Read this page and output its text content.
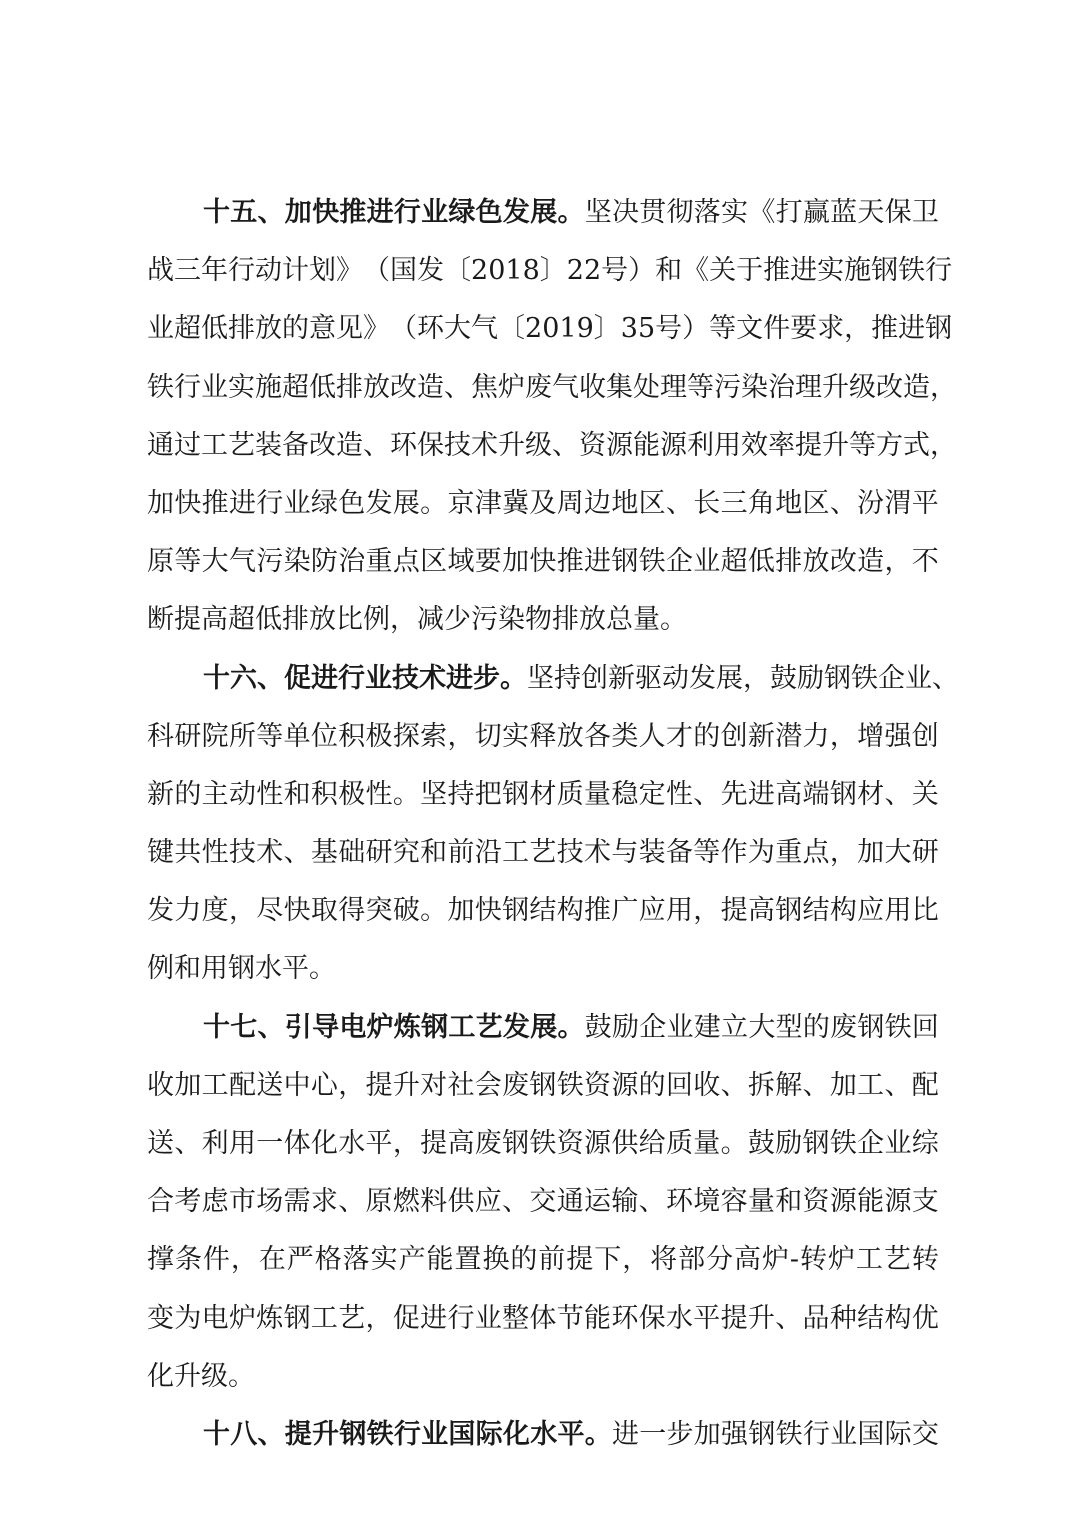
十 五 、 加 快 推 进 行 业 绿 色 发 展 。 坚 决 贯 彻 落 实 《 打 赢 蓝 天 保 卫
战 三 年 行 动 计 划 》 （ 国 发 〔 2 0 1 8 〕 2 2 号 ） 和 《 关 于 推 进 实 施 钢 铁 行
业 超 低 排 放 的 意 见 》 （ 环 大 气 〔 2 0 1 9 〕 3 5 号 ） 等 文 件 要 求 ， 推 进 钢
铁 行 业 实 施 超 低 排 放 改 造 、 焦 炉 废 气 收 集 处 理 等 污 染 治 理 升 级 改 造 ，
通 过 工 艺 装 备 改 造 、 环 保 技 术 升 级 、 资 源 能 源 利 用 效 率 提 升 等 方 式 ，
加 快 推 进 行 业 绿 色 发 展 。 京 津 冀 及 周 边 地 区 、 长 三 角 地 区 、 汾 渭 平
原 等 大 气 污 染 防 治 重 点 区 域 要 加 快 推 进 钢 铁 企 业 超 低 排 放 改 造 ， 不
断提高超低排放比例，减少污染物排放总量。
十 六 、 促 进 行 业 技 术 进 步 。 坚 持 创 新 驱 动 发 展 ， 鼓 励 钢 铁 企 业 、
科 研 院 所 等 单 位 积 极 探 索 ， 切 实 释 放 各 类 人 才 的 创 新 潜 力 ， 增 强 创
新 的 主 动 性 和 积 极 性 。 坚 持 把 钢 材 质 量 稳 定 性 、 先 进 高 端 钢 材 、 关
键 共 性 技 术 、 基 础 研 究 和 前 沿 工 艺 技 术 与 装 备 等 作 为 重 点 ， 加 大 研
发 力 度 ， 尽 快 取 得 突 破 。 加 快 钢 结 构 推 广 应 用 ， 提 高 钢 结 构 应 用 比
例和用钢水平。
十 七 、 引 导 电 炉 炼 钢 工 艺 发 展 。 鼓 励 企 业 建 立 大 型 的 废 钢 铁 回
收 加 工 配 送 中 心 ， 提 升 对 社 会 废 钢 铁 资 源 的 回 收 、 拆 解 、 加 工 、 配
送 、 利 用 一 体 化 水 平 ， 提 高 废 钢 铁 资 源 供 给 质 量 。 鼓 励 钢 铁 企 业 综
合 考 虑 市 场 需 求 、 原 燃 料 供 应 、 交 通 运 输 、 环 境 容 量 和 资 源 能 源 支
撑 条 件 ， 在 严 格 落 实 产 能 置 换 的 前 提 下 ， 将 部 分 高 炉 - 转 炉 工 艺 转
变 为 电 炉 炼 钢 工 艺 ， 促 进 行 业 整 体 节 能 环 保 水 平 提 升 、 品 种 结 构 优
化升级。
十 八 、 提 升 钢 铁 行 业 国 际 化 水 平 。 进 一 步 加 强 钢 铁 行 业 国 际 交
